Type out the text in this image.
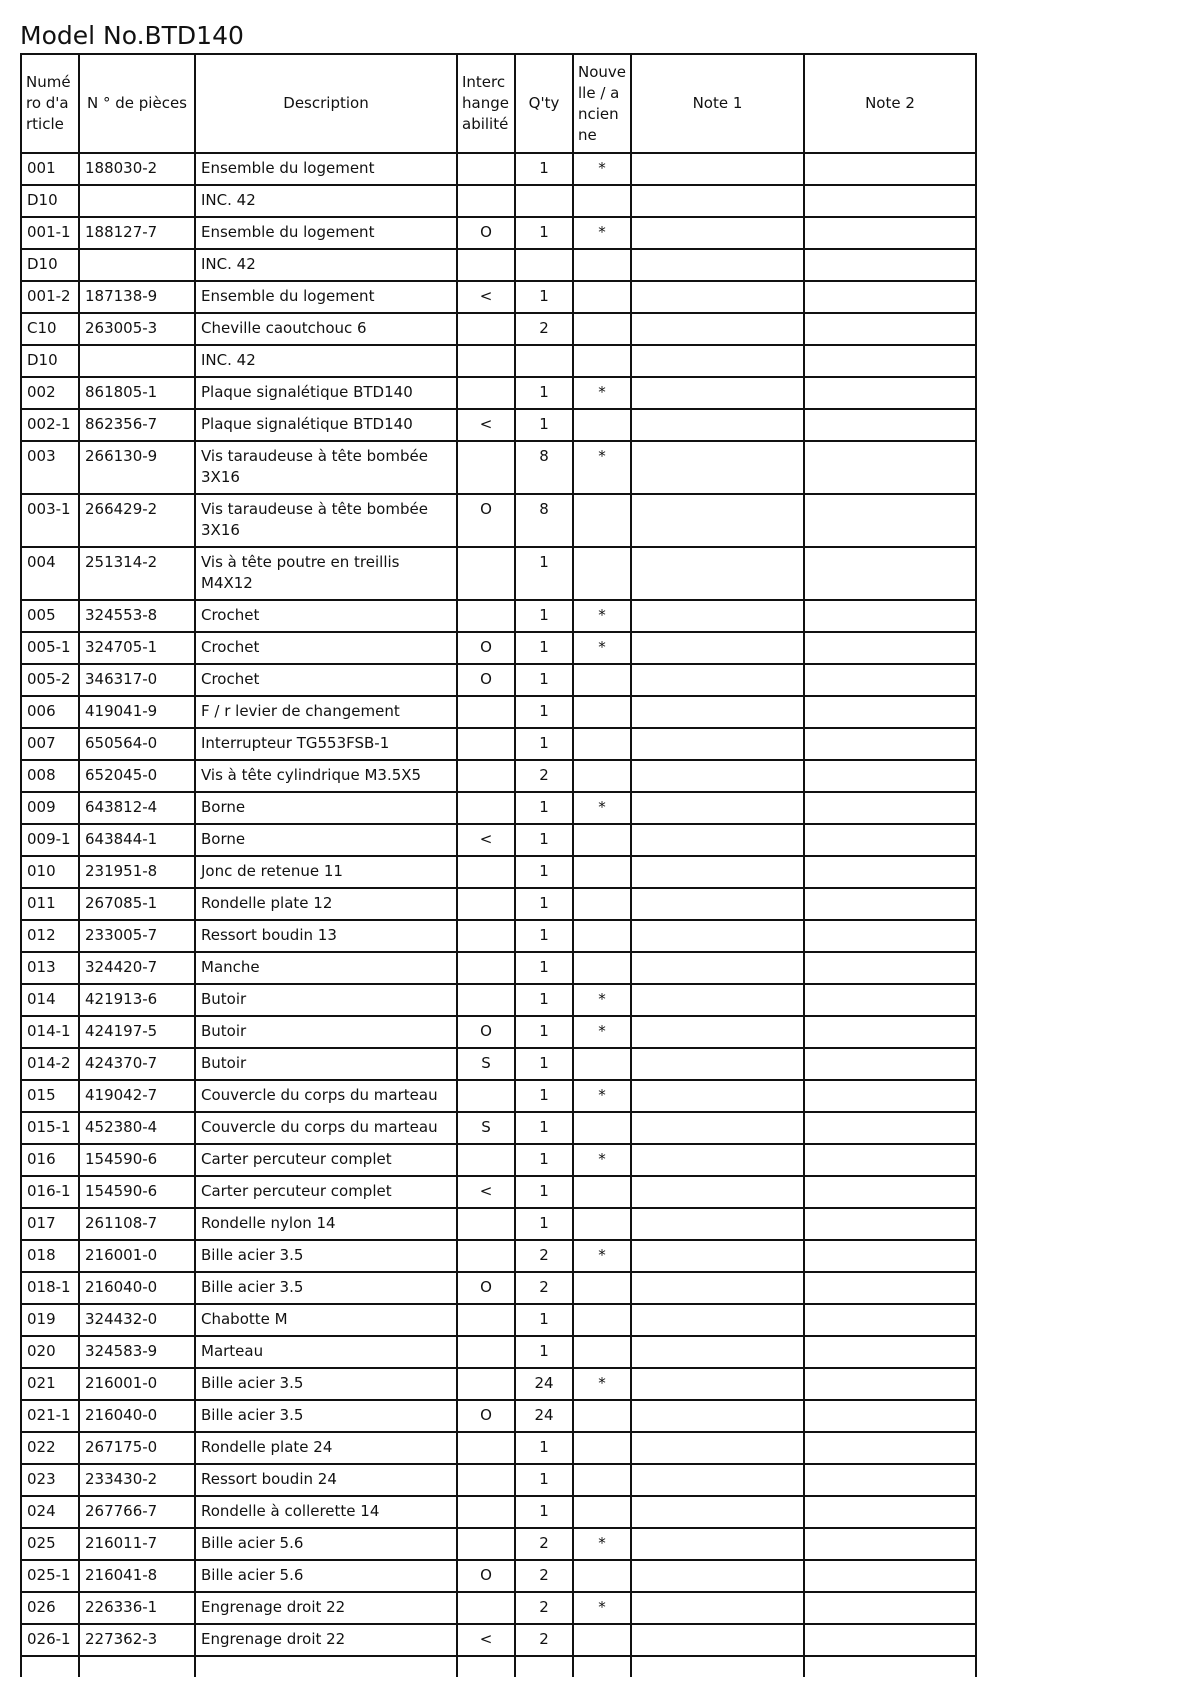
Model No.BTD140
Numéro d'article	N ° de pièces	Description	Interchangeabilité	Q'ty	Nouvelle / ancienne	Note 1	Note 2
001	188030-2	Ensemble du logement		1	*		
D10		INC. 42					
001-1	188127-7	Ensemble du logement	O	1	*		
D10		INC. 42					
001-2	187138-9	Ensemble du logement	<	1			
C10	263005-3	Cheville caoutchouc 6		2			
D10		INC. 42					
002	861805-1	Plaque signalétique BTD140		1	*		
002-1	862356-7	Plaque signalétique BTD140	<	1			
003	266130-9	Vis taraudeuse à tête bombée 3X16		8	*		
003-1	266429-2	Vis taraudeuse à tête bombée 3X16	O	8			
004	251314-2	Vis à tête poutre en treillis M4X12		1			
005	324553-8	Crochet		1	*		
005-1	324705-1	Crochet	O	1	*		
005-2	346317-0	Crochet	O	1			
006	419041-9	F / r levier de changement		1			
007	650564-0	Interrupteur TG553FSB-1		1			
008	652045-0	Vis à tête cylindrique M3.5X5		2			
009	643812-4	Borne		1	*		
009-1	643844-1	Borne	<	1			
010	231951-8	Jonc de retenue 11		1			
011	267085-1	Rondelle plate 12		1			
012	233005-7	Ressort boudin 13		1			
013	324420-7	Manche		1			
014	421913-6	Butoir		1	*		
014-1	424197-5	Butoir	O	1	*		
014-2	424370-7	Butoir	S	1			
015	419042-7	Couvercle du corps du marteau		1	*		
015-1	452380-4	Couvercle du corps du marteau	S	1			
016	154590-6	Carter percuteur complet		1	*		
016-1	154590-6	Carter percuteur complet	<	1			
017	261108-7	Rondelle nylon 14		1			
018	216001-0	Bille acier 3.5		2	*		
018-1	216040-0	Bille acier 3.5	O	2			
019	324432-0	Chabotte M		1			
020	324583-9	Marteau		1			
021	216001-0	Bille acier 3.5		24	*		
021-1	216040-0	Bille acier 3.5	O	24			
022	267175-0	Rondelle plate 24		1			
023	233430-2	Ressort boudin 24		1			
024	267766-7	Rondelle à collerette 14		1			
025	216011-7	Bille acier 5.6		2	*		
025-1	216041-8	Bille acier 5.6	O	2			
026	226336-1	Engrenage droit 22		2	*		
026-1	227362-3	Engrenage droit 22	<	2			
